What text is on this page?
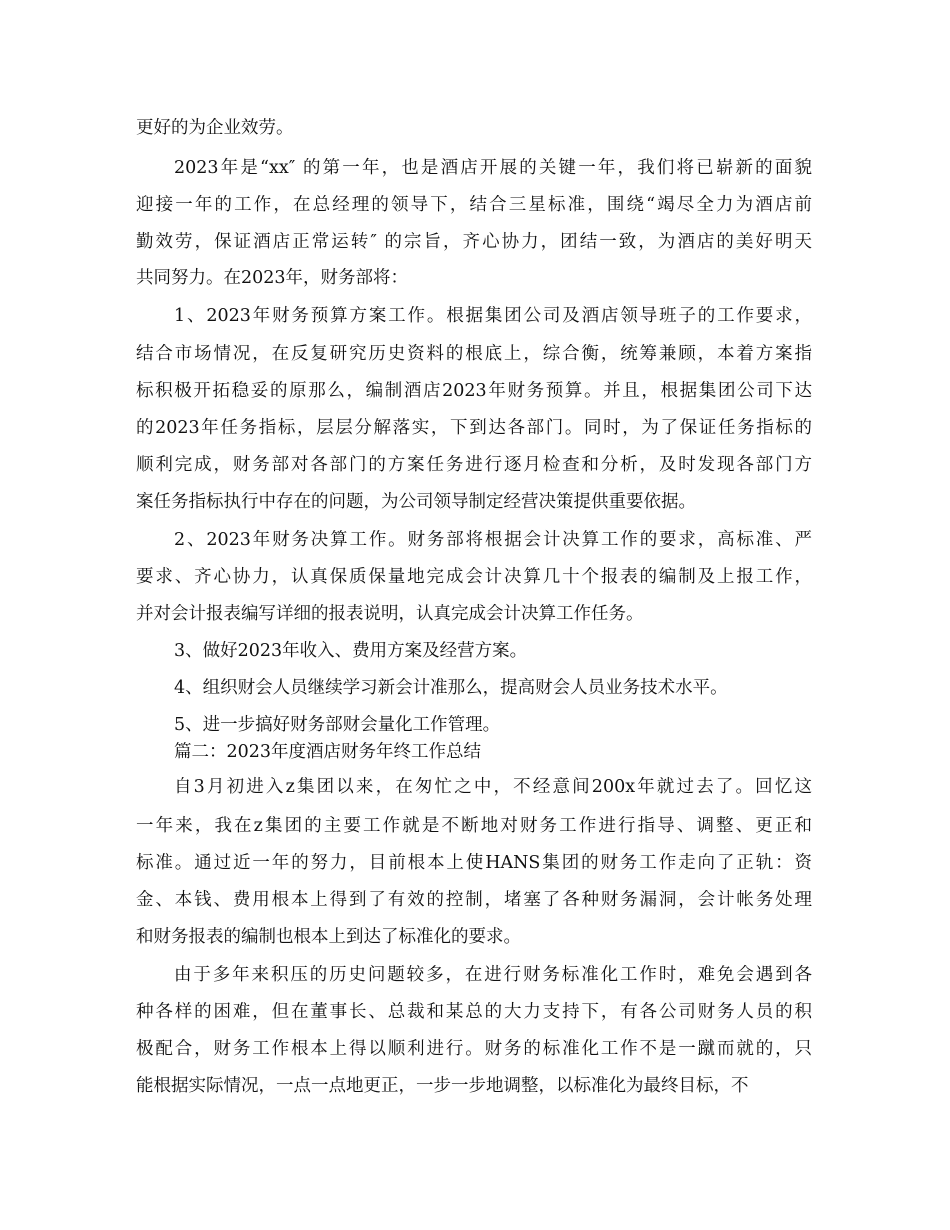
更好的为企业效劳。
2023年是“xx″ 的第一年，也是酒店开展的关键一年，我们将已崭新的面貌
迎接一年的工作，在总经理的领导下，结合三星标准，围绕“竭尽全力为酒店前
勤效劳，保证酒店正常运转″ 的宗旨，齐心协力，团结一致，为酒店的美好明天
共同努力。在2023年，财务部将：
1、2023年财务预算方案工作。根据集团公司及酒店领导班子的工作要求，
结合市场情况，在反复研究历史资料的根底上，综合衡，统筹兼顾，本着方案指
标积极开拓稳妥的原那么，编制酒店2023年财务预算。并且，根据集团公司下达
的2023年任务指标，层层分解落实，下到达各部门。同时，为了保证任务指标的
顺利完成，财务部对各部门的方案任务进行逐月检查和分析，及时发现各部门方
案任务指标执行中存在的问题，为公司领导制定经营决策提供重要依据。
2、2023年财务决算工作。财务部将根据会计决算工作的要求，高标准、严
要求、齐心协力，认真保质保量地完成会计决算几十个报表的编制及上报工作，
并对会计报表编写详细的报表说明，认真完成会计决算工作任务。
3、做好2023年收入、费用方案及经营方案。
4、组织财会人员继续学习新会计准那么，提高财会人员业务技术水平。
5、进一步搞好财务部财会量化工作管理。
篇二：2023年度酒店财务年终工作总结
自3月初进入z集团以来，在匆忙之中，不经意间200x年就过去了。回忆这
一年来，我在z集团的主要工作就是不断地对财务工作进行指导、调整、更正和
标准。通过近一年的努力，目前根本上使HANS集团的财务工作走向了正轨：资
金、本钱、费用根本上得到了有效的控制，堵塞了各种财务漏洞，会计帐务处理
和财务报表的编制也根本上到达了标准化的要求。
由于多年来积压的历史问题较多，在进行财务标准化工作时，难免会遇到各
种各样的困难，但在董事长、总裁和某总的大力支持下，有各公司财务人员的积
极配合，财务工作根本上得以顺利进行。财务的标准化工作不是一蹴而就的，只
能根据实际情况，一点一点地更正，一步一步地调整，以标准化为最终目标，不
